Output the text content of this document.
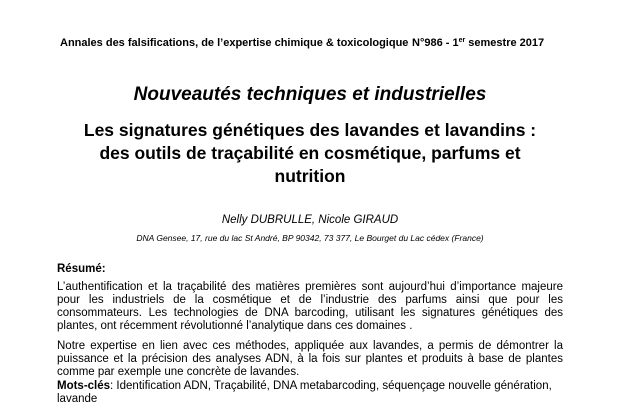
Annales des falsifications, de l’expertise chimique & toxicologique N°986 - 1er semestre 2017
Nouveautés techniques et industrielles
Les signatures génétiques des lavandes et lavandins :
des outils de traçabilité en cosmétique, parfums et
nutrition
Nelly DUBRULLE, Nicole GIRAUD
DNA Gensee, 17, rue du lac St André, BP 90342, 73 377, Le Bourget du Lac cédex (France)
Résumé:
L’authentification et la traçabilité des matières premières sont aujourd’hui d’importance majeure
pour les industriels de la cosmétique et de l’industrie des parfums ainsi que pour les
consommateurs. Les technologies de DNA barcoding, utilisant les signatures génétiques des
plantes, ont récemment révolutionné l’analytique dans ces domaines .
Notre expertise en lien avec ces méthodes, appliquée aux lavandes, a permis de démontrer la
puissance et la précision des analyses ADN, à la fois sur plantes et produits à base de plantes
comme par exemple une concrète de lavandes.
Mots-clés: Identification ADN, Traçabilité, DNA metabarcoding, séquençage nouvelle génération,
lavande
